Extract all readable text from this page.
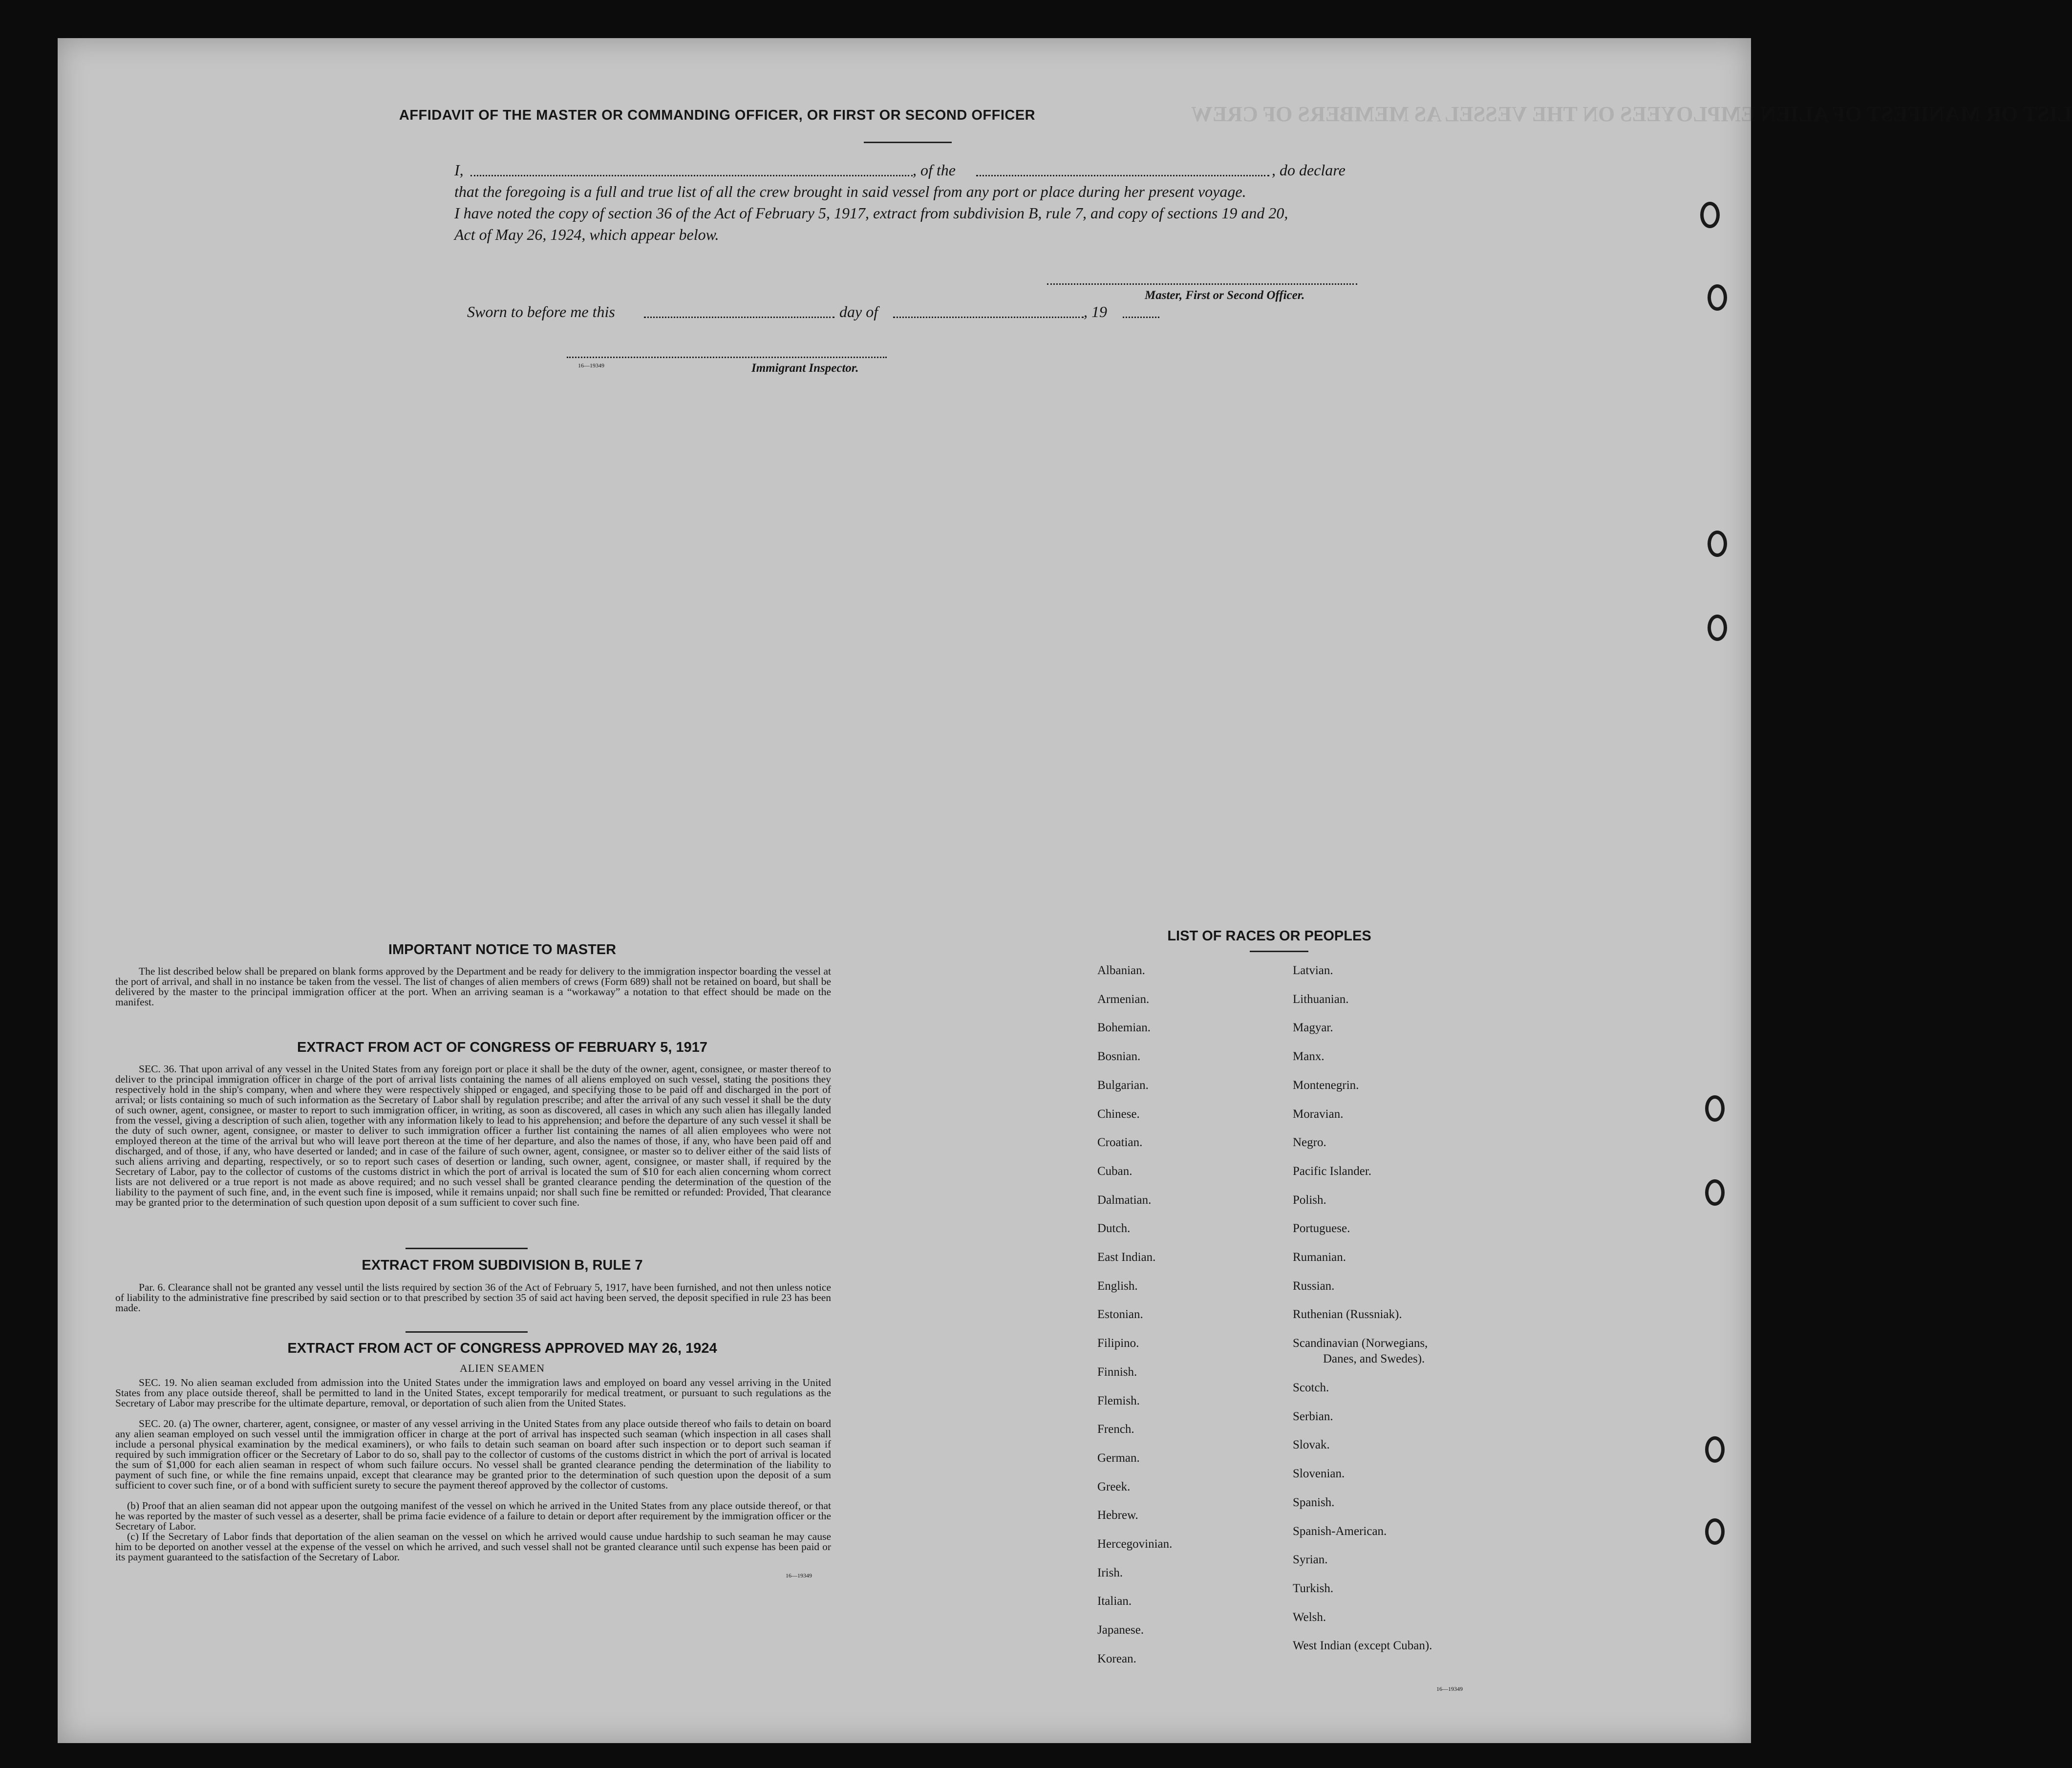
LIST OR MANIFEST OF ALIEN EMPLOYEES ON THE VESSEL AS MEMBERS OF CREW
AFFIDAVIT OF THE MASTER OR COMMANDING OFFICER, OR FIRST OR SECOND OFFICER
I,	, of the	, do declare
that the foregoing is a full and true list of all the crew brought in said vessel from any port or place during her present voyage.
I have noted the copy of section 36 of the Act of February 5, 1917, extract from subdivision B, rule 7, and copy of sections 19 and 20,
Act of May 26, 1924, which appear below.
Master, First or Second Officer.
Sworn to before me this	day of	, 19
16—19349	Immigrant Inspector.
IMPORTANT NOTICE TO MASTER
The list described below shall be prepared on blank forms approved by the Department and be ready for delivery to the immigration inspector boarding the vessel at the port of arrival, and shall in no instance be taken from the vessel. The list of changes of alien members of crews (Form 689) shall not be retained on board, but shall be delivered by the master to the principal immigration officer at the port. When an arriving seaman is a “workaway” a notation to that effect should be made on the manifest.
EXTRACT FROM ACT OF CONGRESS OF FEBRUARY 5, 1917
SEC. 36. That upon arrival of any vessel in the United States from any foreign port or place it shall be the duty of the owner, agent, consignee, or master thereof to deliver to the principal immigration officer in charge of the port of arrival lists containing the names of all aliens employed on such vessel, stating the positions they respectively hold in the ship's company, when and where they were respectively shipped or engaged, and specifying those to be paid off and discharged in the port of arrival; or lists containing so much of such information as the Secretary of Labor shall by regulation prescribe; and after the arrival of any such vessel it shall be the duty of such owner, agent, consignee, or master to report to such immigration officer, in writing, as soon as discovered, all cases in which any such alien has illegally landed from the vessel, giving a description of such alien, together with any information likely to lead to his apprehension; and before the departure of any such vessel it shall be the duty of such owner, agent, consignee, or master to deliver to such immigration officer a further list containing the names of all alien employees who were not employed thereon at the time of the arrival but who will leave port thereon at the time of her departure, and also the names of those, if any, who have been paid off and discharged, and of those, if any, who have deserted or landed; and in case of the failure of such owner, agent, consignee, or master so to deliver either of the said lists of such aliens arriving and departing, respectively, or so to report such cases of desertion or landing, such owner, agent, consignee, or master shall, if required by the Secretary of Labor, pay to the collector of customs of the customs district in which the port of arrival is located the sum of $10 for each alien concerning whom correct lists are not delivered or a true report is not made as above required; and no such vessel shall be granted clearance pending the determination of the question of the liability to the payment of such fine, and, in the event such fine is imposed, while it remains unpaid; nor shall such fine be remitted or refunded: Provided, That clearance may be granted prior to the determination of such question upon deposit of a sum sufficient to cover such fine.
EXTRACT FROM SUBDIVISION B, RULE 7
Par. 6. Clearance shall not be granted any vessel until the lists required by section 36 of the Act of February 5, 1917, have been furnished, and not then unless notice of liability to the administrative fine prescribed by said section or to that prescribed by section 35 of said act having been served, the deposit specified in rule 23 has been made.
EXTRACT FROM ACT OF CONGRESS APPROVED MAY 26, 1924
ALIEN SEAMEN
SEC. 19. No alien seaman excluded from admission into the United States under the immigration laws and employed on board any vessel arriving in the United States from any place outside thereof, shall be permitted to land in the United States, except temporarily for medical treatment, or pursuant to such regulations as the Secretary of Labor may prescribe for the ultimate departure, removal, or deportation of such alien from the United States.
SEC. 20. (a) The owner, charterer, agent, consignee, or master of any vessel arriving in the United States from any place outside thereof who fails to detain on board any alien seaman employed on such vessel until the immigration officer in charge at the port of arrival has inspected such seaman (which inspection in all cases shall include a personal physical examination by the medical examiners), or who fails to detain such seaman on board after such inspection or to deport such seaman if required by such immigration officer or the Secretary of Labor to do so, shall pay to the collector of customs of the customs district in which the port of arrival is located the sum of $1,000 for each alien seaman in respect of whom such failure occurs. No vessel shall be granted clearance pending the determination of the liability to payment of such fine, or while the fine remains unpaid, except that clearance may be granted prior to the determination of such question upon the deposit of a sum sufficient to cover such fine, or of a bond with sufficient surety to secure the payment thereof approved by the collector of customs.
(b) Proof that an alien seaman did not appear upon the outgoing manifest of the vessel on which he arrived in the United States from any place outside thereof, or that he was reported by the master of such vessel as a deserter, shall be prima facie evidence of a failure to detain or deport after requirement by the immigration officer or the Secretary of Labor.
(c) If the Secretary of Labor finds that deportation of the alien seaman on the vessel on which he arrived would cause undue hardship to such seaman he may cause him to be deported on another vessel at the expense of the vessel on which he arrived, and such vessel shall not be granted clearance until such expense has been paid or its payment guaranteed to the satisfaction of the Secretary of Labor.
16—19349
LIST OF RACES OR PEOPLES
16—19349
Albanian.
Armenian.
Bohemian.
Bosnian.
Bulgarian.
Chinese.
Croatian.
Cuban.
Dalmatian.
Dutch.
East Indian.
English.
Estonian.
Filipino.
Finnish.
Flemish.
French.
German.
Greek.
Hebrew.
Hercegovinian.
Irish.
Italian.
Japanese.
Korean.
Latvian.
Lithuanian.
Magyar.
Manx.
Montenegrin.
Moravian.
Negro.
Pacific Islander.
Polish.
Portuguese.
Rumanian.
Russian.
Ruthenian (Russniak).
Scandinavian (Norwegians,
Danes, and Swedes).
Scotch.
Serbian.
Slovak.
Slovenian.
Spanish.
Spanish-American.
Syrian.
Turkish.
Welsh.
West Indian (except Cuban).
